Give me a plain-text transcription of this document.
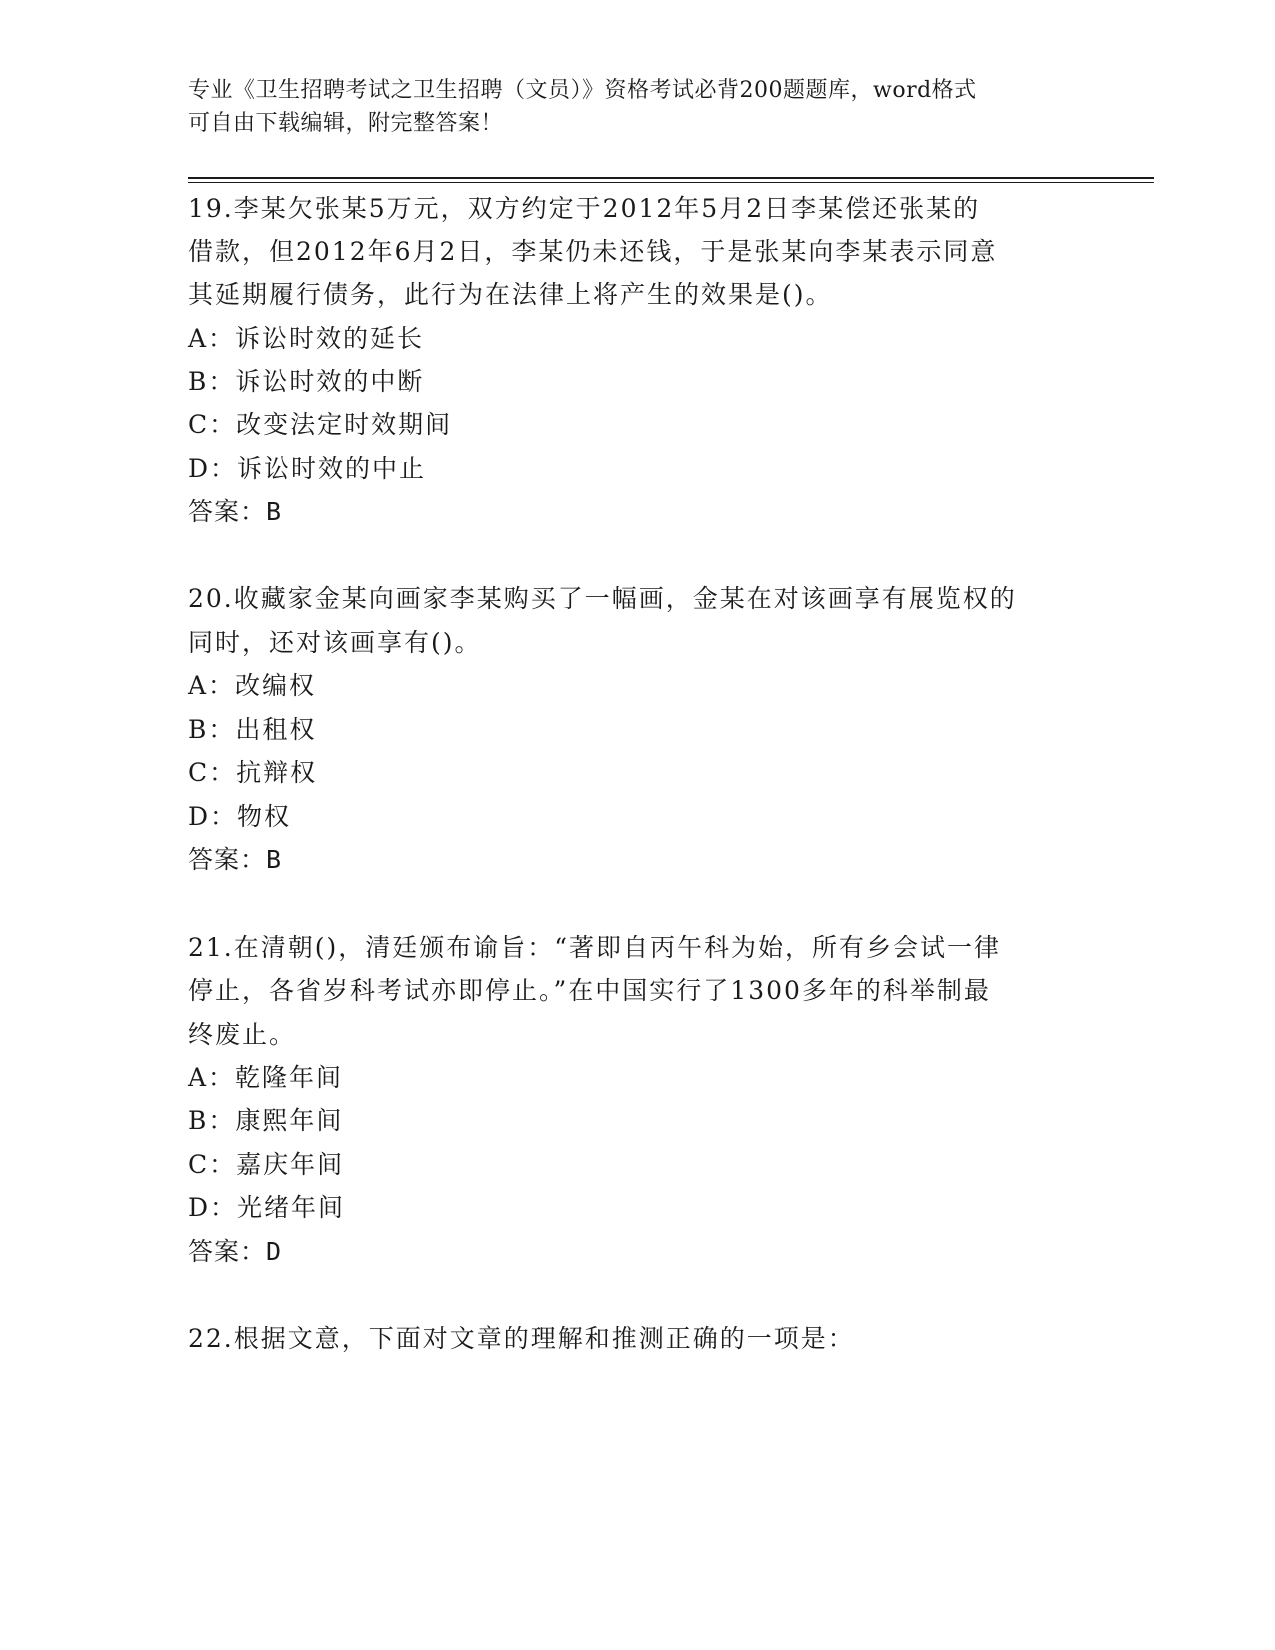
专业《卫生招聘考试之卫生招聘（文员）》资格考试必背200题题库，word格式
可自由下载编辑，附完整答案！
19.李某欠张某5万元，双方约定于2012年5月2日李某偿还张某的
借款，但2012年6月2日，李某仍未还钱，于是张某向李某表示同意
其延期履行债务，此行为在法律上将产生的效果是()。
A：诉讼时效的延长
B：诉讼时效的中断
C：改变法定时效期间
D：诉讼时效的中止
答案：B
20.收藏家金某向画家李某购买了一幅画，金某在对该画享有展览权的
同时，还对该画享有()。
A：改编权
B：出租权
C：抗辩权
D：物权
答案：B
21.在清朝()，清廷颁布谕旨：“著即自丙午科为始，所有乡会试一律
停止，各省岁科考试亦即停止。”在中国实行了1300多年的科举制最
终废止。
A：乾隆年间
B：康熙年间
C：嘉庆年间
D：光绪年间
答案：D
22.根据文意，下面对文章的理解和推测正确的一项是：
